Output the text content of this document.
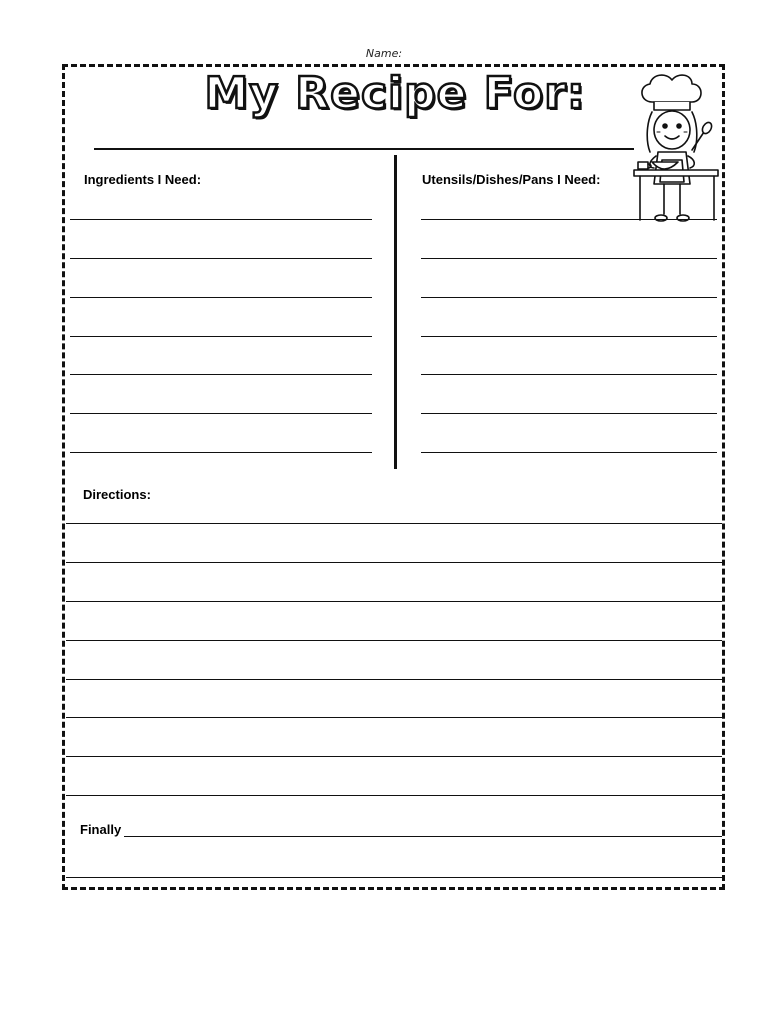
Name:
My Recipe For:
Ingredients I Need:	Utensils/Dishes/Pans I Need:
Directions:
Finally
